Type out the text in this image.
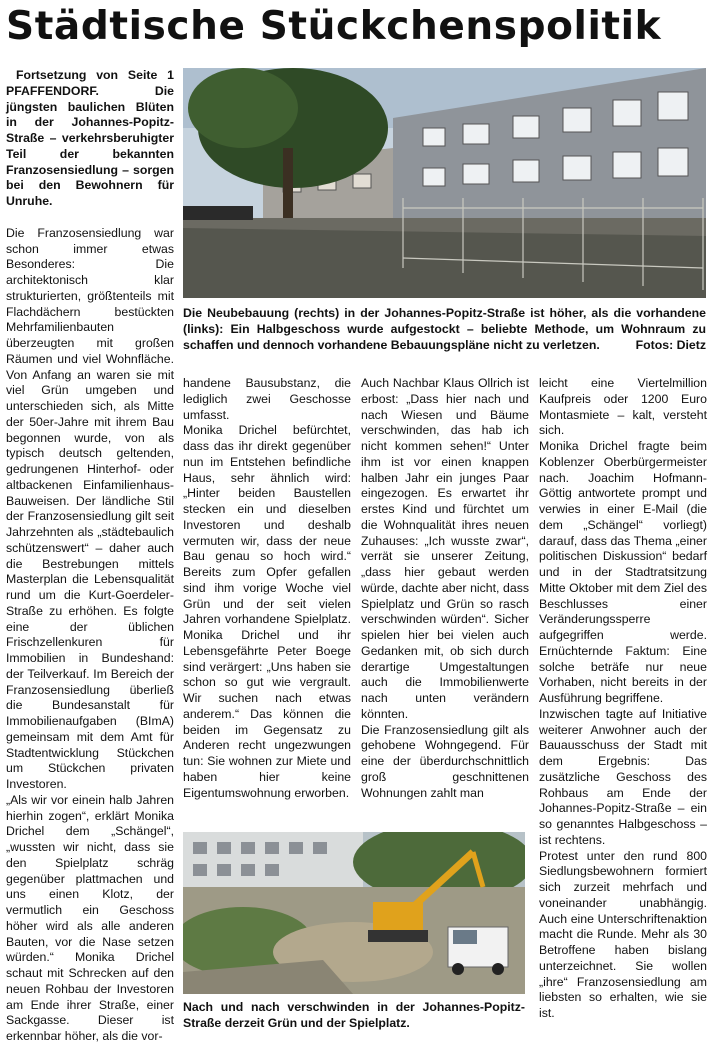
Städtische Stückchenspolitik

Fortsetzung von Seite 1 PFAFFENDORF. Die jüngsten baulichen Blüten in der Johannes-Popitz-Straße – verkehrsberuhigter Teil der bekannten Franzosensiedlung – sorgen bei den Bewohnern für Unruhe.

Die Franzosensiedlung war schon immer etwas Besonderes: Die architektonisch klar strukturierten, größtenteils mit Flachdächern bestückten Mehrfamilienbauten überzeugten mit großen Räumen und viel Wohnfläche. Von Anfang an waren sie mit viel Grün umgeben und unterschieden sich, als Mitte der 50er-Jahre mit ihrem Bau begonnen wurde, von als typisch deutsch geltenden, gedrungenen Hinterhof- oder altbackenen Einfamilienhaus-Bauweisen. Der ländliche Stil der Franzosensiedlung gilt seit Jahrzehnten als „städtebaulich schützenswert“ – daher auch die Bestrebungen mittels Masterplan die Lebensqualität rund um die Kurt-Goerdeler-Straße zu erhöhen. Es folgte eine der üblichen Frischzellenkuren für Immobilien in Bundeshand: der Teilverkauf. Im Bereich der Franzosensiedlung überließ die Bundesanstalt für Immobilienaufgaben (BImA) gemeinsam mit dem Amt für Stadtentwicklung Stückchen um Stückchen privaten Investoren.

„Als wir vor einein halb Jahren hierhin zogen“, erklärt Monika Drichel dem „Schängel“, „wussten wir nicht, dass sie den Spielplatz schräg gegenüber plattmachen und uns einen Klotz, der vermutlich ein Geschoss höher wird als alle anderen Bauten, vor die Nase setzen würden.“ Monika Drichel schaut mit Schrecken auf den neuen Rohbau der Investoren am Ende ihrer Straße, einer Sackgasse. Dieser ist erkennbar höher, als die vor-

Die Neubebauung (rechts) in der Johannes-Popitz-Straße ist höher, als die vorhandene (links): Ein Halbgeschoss wurde aufgestockt – beliebte Methode, um Wohnraum zu schaffen und dennoch vorhandene Bebauungspläne nicht zu verletzen.	Fotos: Dietz

handene Bausubstanz, die lediglich zwei Geschosse umfasst.

Monika Drichel befürchtet, dass das ihr direkt gegenüber nun im Entstehen befindliche Haus, sehr ähnlich wird: „Hinter beiden Baustellen stecken ein und dieselben Investoren und deshalb vermuten wir, dass der neue Bau genau so hoch wird.“ Bereits zum Opfer gefallen sind ihm vorige Woche viel Grün und der seit vielen Jahren vorhandene Spielplatz. Monika Drichel und ihr Lebensgefährte Peter Boege sind verärgert: „Uns haben sie schon so gut wie vergrault. Wir suchen nach etwas anderem.“ Das können die beiden im Gegensatz zu Anderen recht ungezwungen tun: Sie wohnen zur Miete und haben hier keine Eigentumswohnung erworben.

Auch Nachbar Klaus Ollrich ist erbost: „Dass hier nach und nach Wiesen und Bäume verschwinden, das hab ich nicht kommen sehen!“ Unter ihm ist vor einen knappen halben Jahr ein junges Paar eingezogen. Es erwartet ihr erstes Kind und fürchtet um die Wohnqualität ihres neuen Zuhauses: „Ich wusste zwar“, verrät sie unserer Zeitung, „dass hier gebaut werden würde, dachte aber nicht, dass Spielplatz und Grün so rasch verschwinden würden“. Sicher spielen hier bei vielen auch Gedanken mit, ob sich durch derartige Umgestaltungen auch die Immobilienwerte nach unten verändern könnten.

Die Franzosensiedlung gilt als gehobene Wohngegend. Für eine der überdurchschnittlich groß geschnittenen Wohnungen zahlt man

leicht eine Viertelmillion Kaufpreis oder 1200 Euro Montasmiete – kalt, versteht sich.

Monika Drichel fragte beim Koblenzer Oberbürgermeister nach. Joachim Hofmann-Göttig antwortete prompt und verwies in einer E-Mail (die dem „Schängel“ vorliegt) darauf, dass das Thema „einer politischen Diskussion“ bedarf und in der Stadtratsitzung Mitte Oktober mit dem Ziel des Beschlusses einer Veränderungssperre aufgegriffen werde. Ernüchternde Faktum: Eine solche beträfe nur neue Vorhaben, nicht bereits in der Ausführung begriffene.

Inzwischen tagte auf Initiative weiterer Anwohner auch der Bauausschuss der Stadt mit dem Ergebnis: Das zusätzliche Geschoss des Rohbaus am Ende der Johannes-Popitz-Straße – ein so genanntes Halbgeschoss – ist rechtens.

Protest unter den rund 800 Siedlungsbewohnern formiert sich zurzeit mehrfach und voneinander unabhängig. Auch eine Unterschriftenaktion macht die Runde. Mehr als 30 Betroffene haben bislang unterzeichnet. Sie wollen „ihre“ Franzosensiedlung am liebsten so erhalten, wie sie ist.

Nach und nach verschwinden in der Johannes-Popitz-Straße derzeit Grün und der Spielplatz.
